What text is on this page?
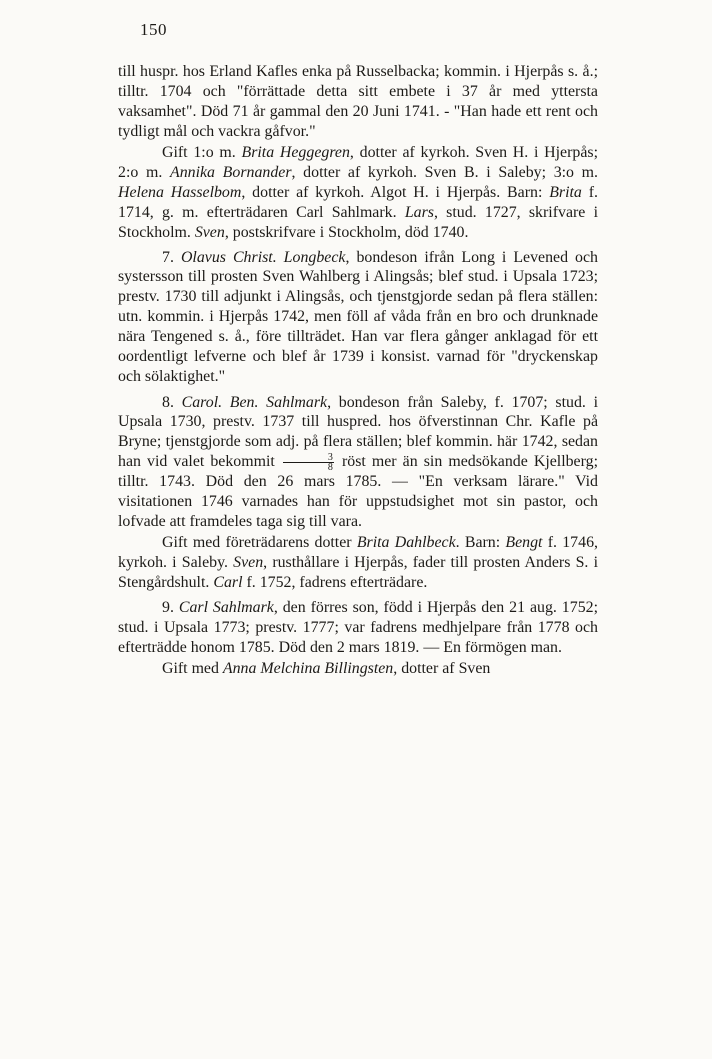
150

till huspr. hos Erland Kafles enka på Russelbacka; kommin. i Hjerpås s. å.; tilltr. 1704 och "förrättade detta sitt embete i 37 år med yttersta vaksamhet". Död 71 år gammal den 20 Juni 1741. - "Han hade ett rent och tydligt mål och vackra gåfvor."

Gift 1:o m. Brita Heggegren, dotter af kyrkoh. Sven H. i Hjerpås; 2:o m. Annika Bornander, dotter af kyrkoh. Sven B. i Saleby; 3:o m. Helena Hasselbom, dotter af kyrkoh. Algot H. i Hjerpås. Barn: Brita f. 1714, g. m. efterträdaren Carl Sahlmark. Lars, stud. 1727, skrifvare i Stockholm. Sven, postskrifvare i Stockholm, död 1740.

7. Olavus Christ. Longbeck, bondeson ifrån Long i Levened och systersson till prosten Sven Wahlberg i Alingsås; blef stud. i Upsala 1723; prestv. 1730 till adjunkt i Alingsås, och tjenstgjorde sedan på flera ställen: utn. kommin. i Hjerpås 1742, men föll af våda från en bro och drunknade nära Tengened s. å., före tillträdet. Han var flera gånger anklagad för ett oordentligt lefverne och blef år 1739 i konsist. varnad för "dryckenskap och sölaktighet."

8. Carol. Ben. Sahlmark, bondeson från Saleby, f. 1707; stud. i Upsala 1730, prestv. 1737 till huspred. hos öfverstinnan Chr. Kafle på Bryne; tjenstgjorde som adj. på flera ställen; blef kommin. här 1742, sedan han vid valet bekommit $\frac{3}{8}$ röst mer än sin medsökande Kjellberg; tilltr. 1743. Död den 26 mars 1785. — "En verksam lärare." Vid visitationen 1746 varnades han för uppstudsighet mot sin pastor, och lofvade att framdeles taga sig till vara.

Gift med företrädarens dotter Brita Dahlbeck. Barn: Bengt f. 1746, kyrkoh. i Saleby. Sven, rusthållare i Hjerpås, fader till prosten Anders S. i Stengårdshult. Carl f. 1752, fadrens efterträdare.

9. Carl Sahlmark, den förres son, född i Hjerpås den 21 aug. 1752; stud. i Upsala 1773; prestv. 1777; var fadrens medhjelpare från 1778 och efterträdde honom 1785. Död den 2 mars 1819. — En förmögen man.

Gift med Anna Melchina Billingsten, dotter af Sven
